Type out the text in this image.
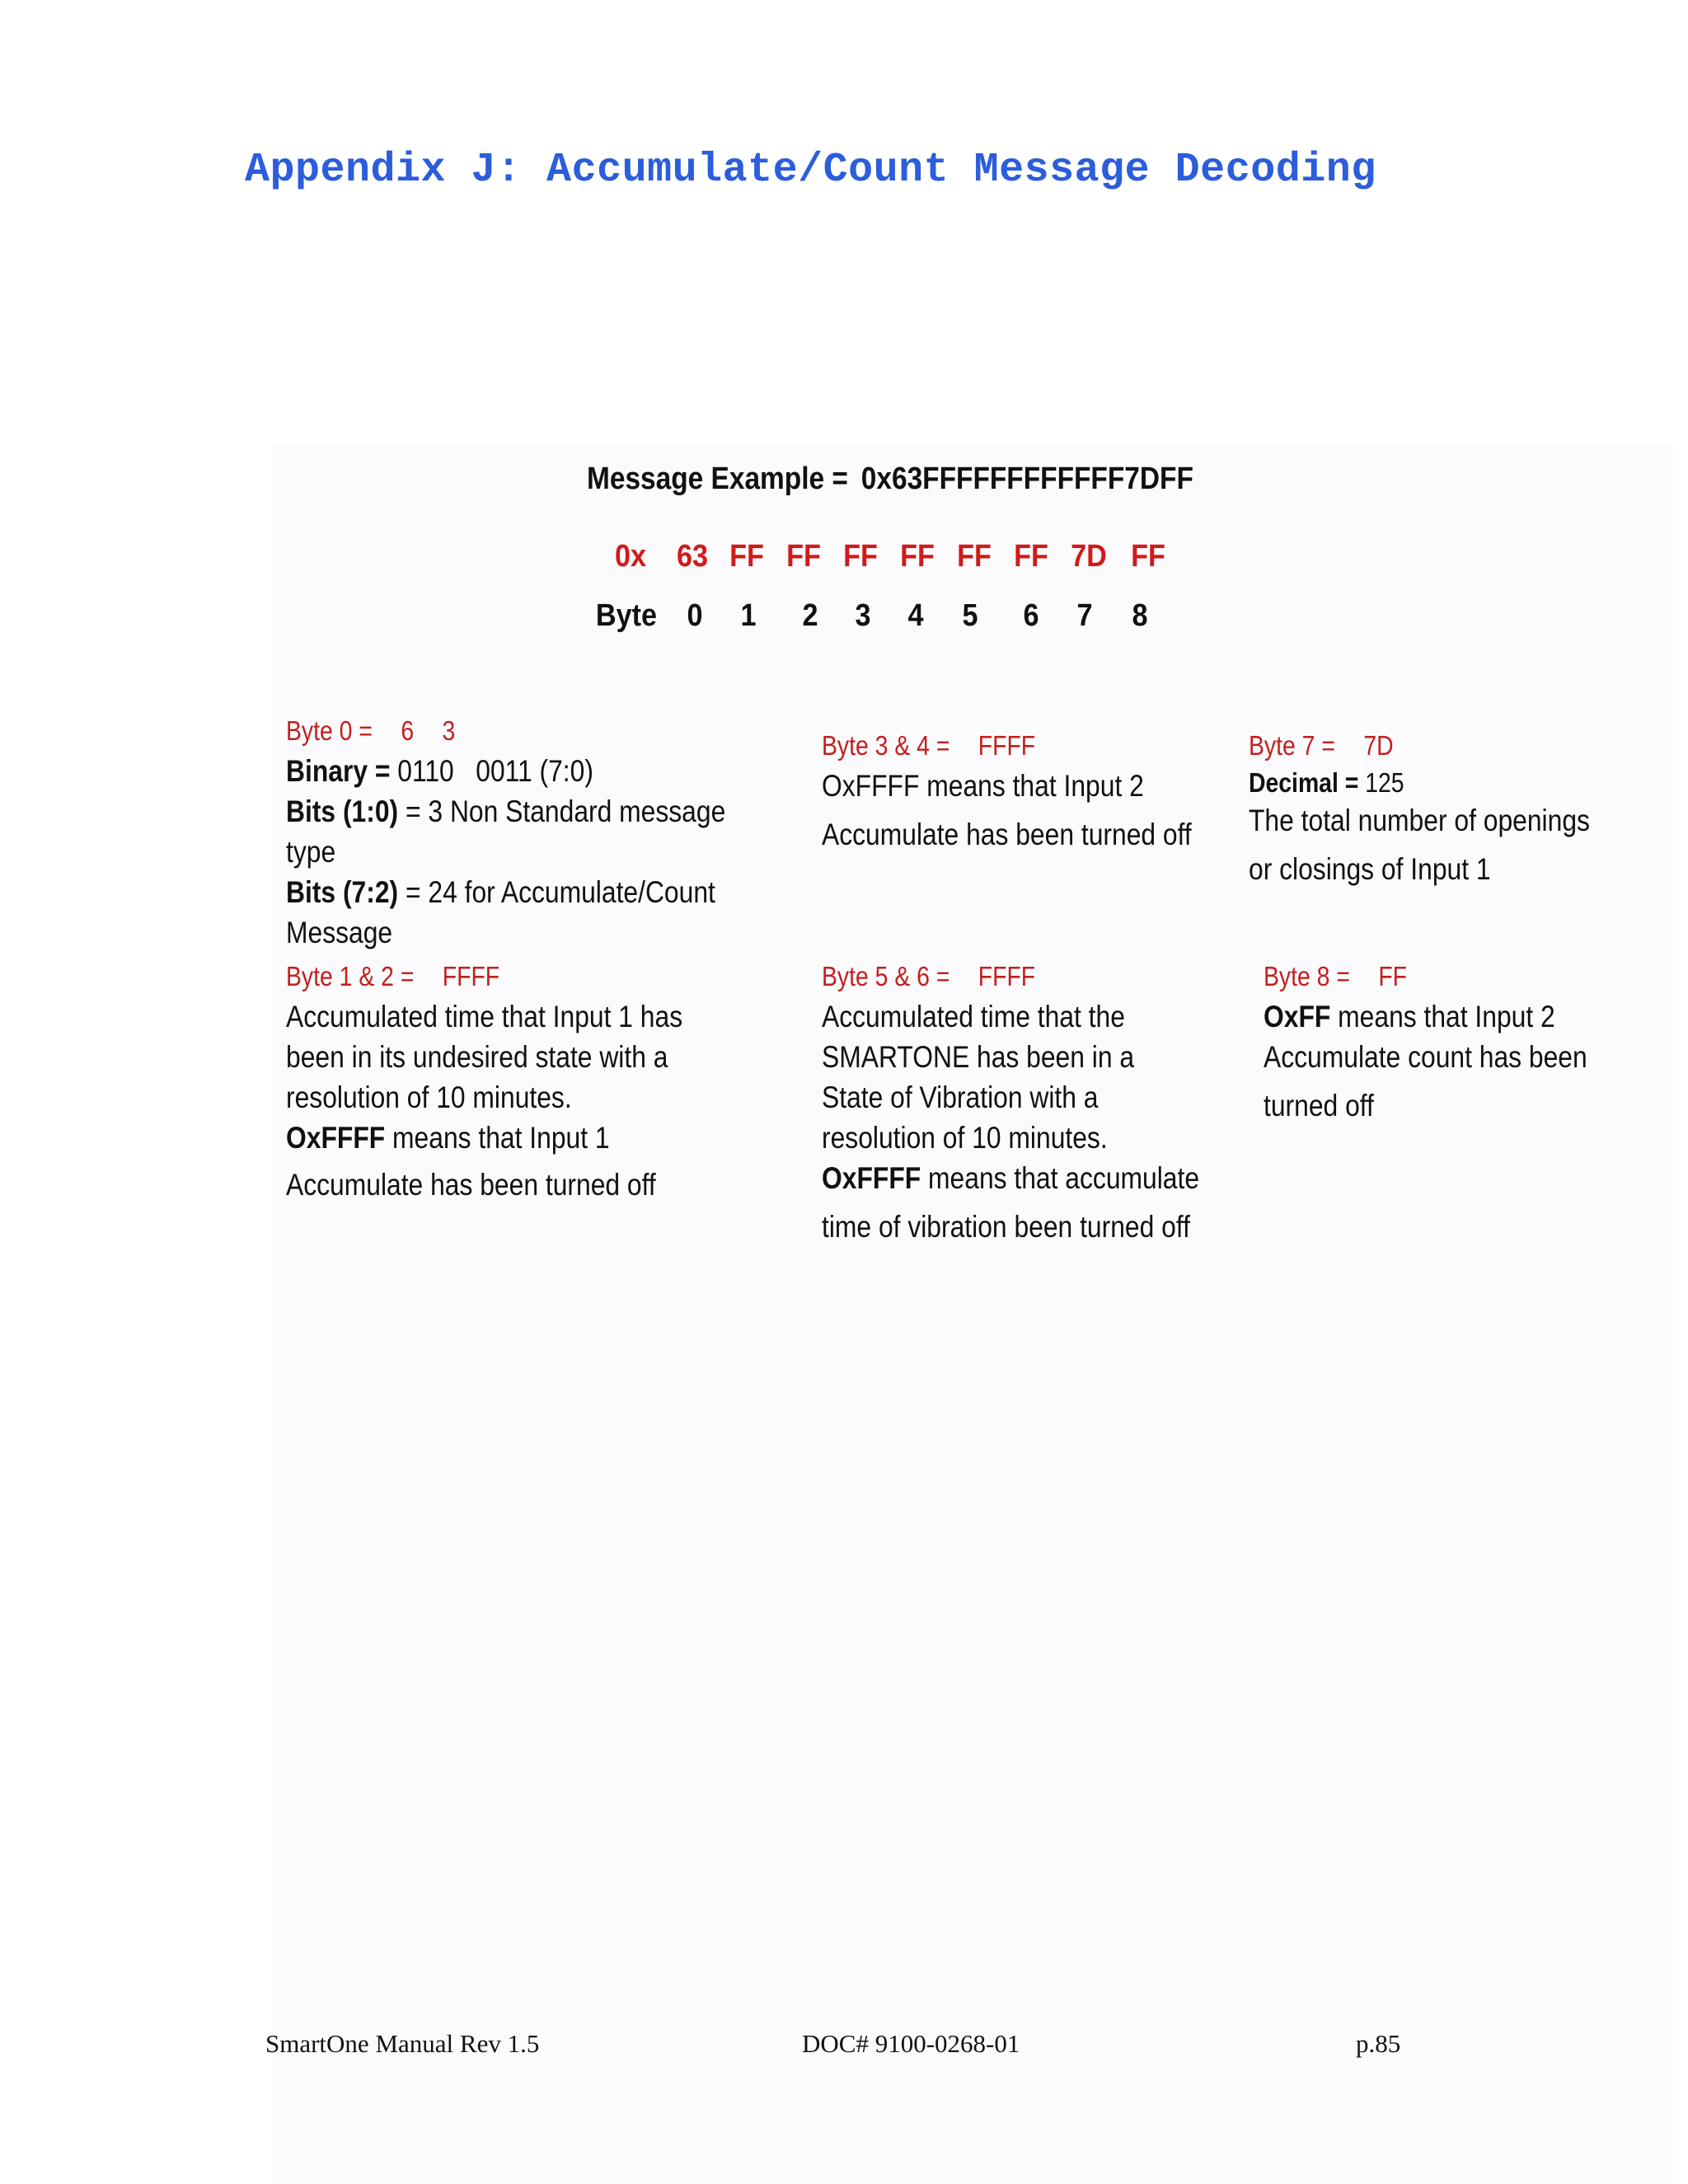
Appendix J: Accumulate/Count Message Decoding
Message Example = 0x63FFFFFFFFFFFF7DFF
0x 63 FF FF FF FF FF FF 7D FF
Byte 0 1 2 3 4 5 6 7 8
Byte 0 = 6 3
Binary = 0110   0011 (7:0)
Bits (1:0) = 3 Non Standard message
type
Bits (7:2) = 24 for Accumulate/Count
Message
Byte 1 & 2 = FFFF
Accumulated time that Input 1 has
been in its undesired state with a
resolution of 10 minutes.
OxFFFF means that Input 1
Accumulate has been turned off
Byte 3 & 4 = FFFF
OxFFFF means that Input 2
Accumulate has been turned off
Byte 5 & 6 = FFFF
Accumulated time that the
SMARTONE has been in a
State of Vibration with a
resolution of 10 minutes.
OxFFFF means that accumulate
time of vibration been turned off
Byte 7 = 7D
Decimal = 125
The total number of openings
or closings of Input 1
Byte 8 = FF
OxFF means that Input 2
Accumulate count has been
turned off
SmartOne Manual Rev 1.5	DOC# 9100-0268-01	p.85
